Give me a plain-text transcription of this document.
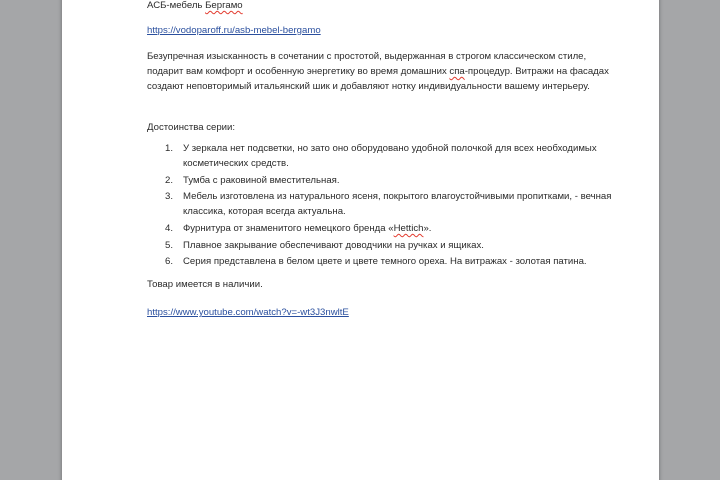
АСБ-мебель Бергамо
https://vodoparoff.ru/asb-mebel-bergamo

Безупречная изысканность в сочетании с простотой, выдержанная в строгом классическом стиле, подарит вам комфорт и особенную энергетику во время домашних спа-процедур. Витражи на фасадах создают неповторимый итальянский шик и добавляют нотку индивидуальности вашему интерьеру.

Достоинства серии:
1. У зеркала нет подсветки, но зато оно оборудовано удобной полочкой для всех необходимых косметических средств.
2. Тумба с раковиной вместительная.
3. Мебель изготовлена из натурального ясеня, покрытого влагоустойчивыми пропитками, - вечная классика, которая всегда актуальна.
4. Фурнитура от знаменитого немецкого бренда «Hettich».
5. Плавное закрывание обеспечивают доводчики на ручках и ящиках.
6. Серия представлена в белом цвете и цвете темного ореха. На витражах - золотая патина.
Товар имеется в наличии.
https://www.youtube.com/watch?v=-wt3J3nwltE
